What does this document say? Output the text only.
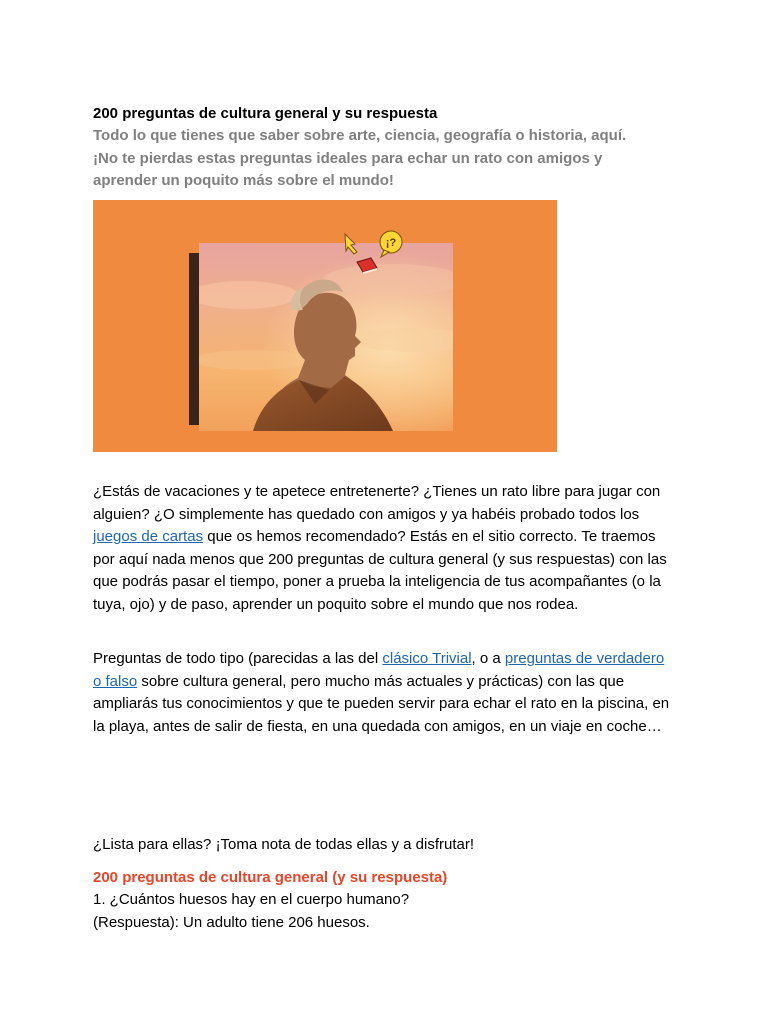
200 preguntas de cultura general y su respuesta

Todo lo que tienes que saber sobre arte, ciencia, geografía o historia, aquí.
¡No te pierdas estas preguntas ideales para echar un rato con amigos y
aprender un poquito más sobre el mundo!

¡?

¿Estás de vacaciones y te apetece entretenerte? ¿Tienes un rato libre para jugar con alguien? ¿O simplemente has quedado con amigos y ya habéis probado todos los juegos de cartas que os hemos recomendado? Estás en el sitio correcto. Te traemos por aquí nada menos que 200 preguntas de cultura general (y sus respuestas) con las que podrás pasar el tiempo, poner a prueba la inteligencia de tus acompañantes (o la tuya, ojo) y de paso, aprender un poquito sobre el mundo que nos rodea.

Preguntas de todo tipo (parecidas a las del clásico Trivial, o a preguntas de verdadero o falso sobre cultura general, pero mucho más actuales y prácticas) con las que ampliarás tus conocimientos y que te pueden servir para echar el rato en la piscina, en la playa, antes de salir de fiesta, en una quedada con amigos, en un viaje en coche…

¿Lista para ellas? ¡Toma nota de todas ellas y a disfrutar!

200 preguntas de cultura general (y su respuesta)
1. ¿Cuántos huesos hay en el cuerpo humano?
(Respuesta): Un adulto tiene 206 huesos.
